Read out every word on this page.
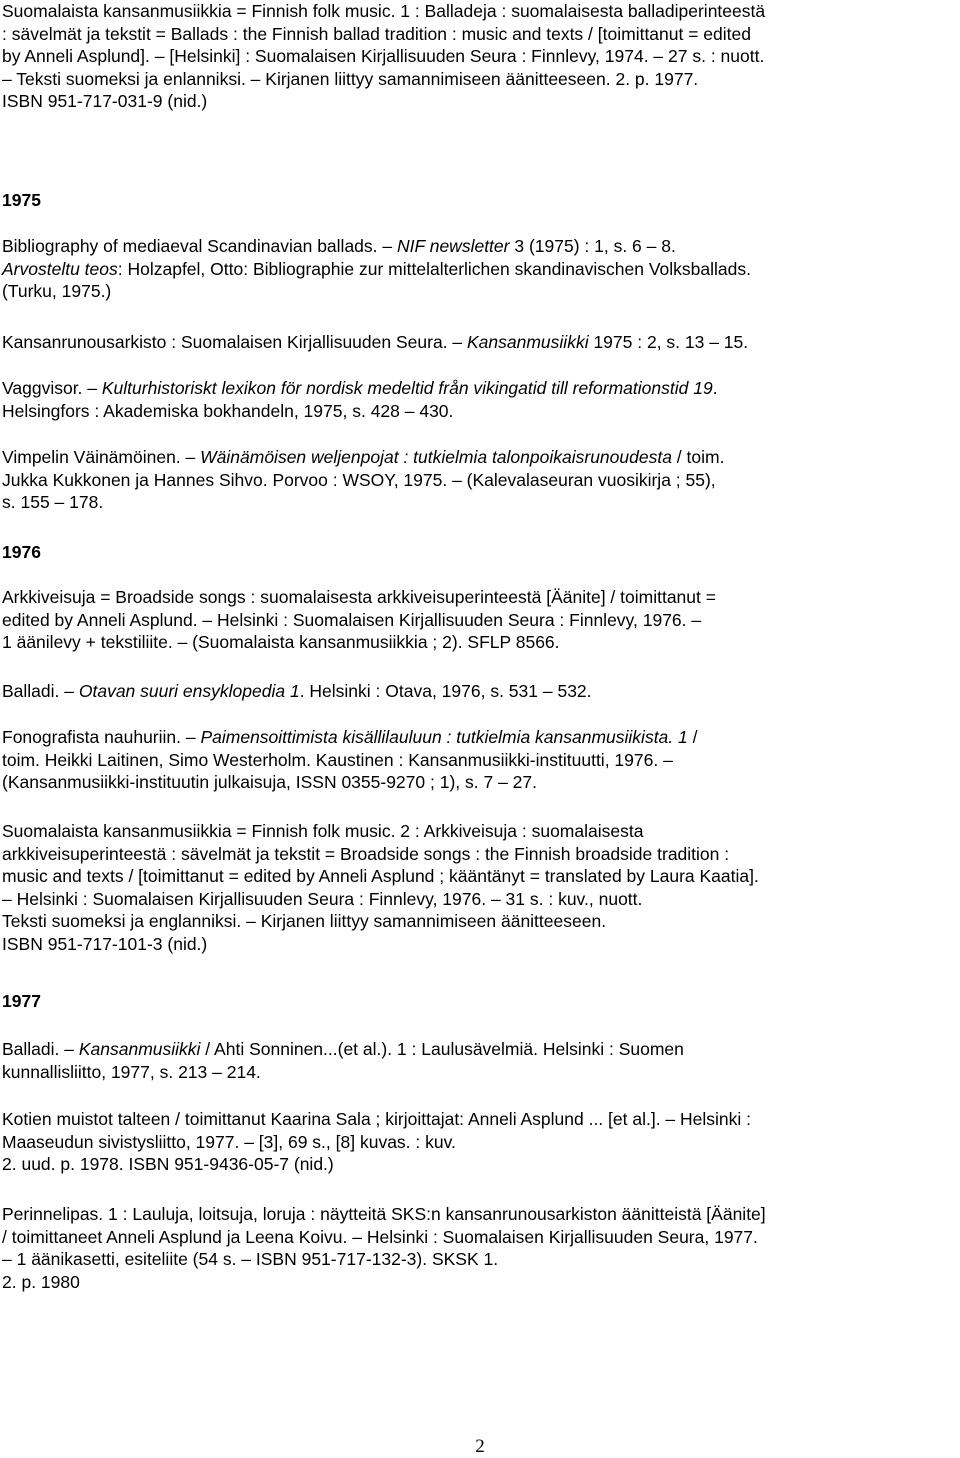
Suomalaista kansanmusiikkia = Finnish folk music. 1 : Balladeja : suomalaisesta balladiperinteestä
: sävelmät ja tekstit = Ballads : the Finnish ballad tradition : music and texts / [toimittanut = edited
by Anneli Asplund]. – [Helsinki] : Suomalaisen Kirjallisuuden Seura : Finnlevy, 1974. – 27 s. : nuott.
– Teksti suomeksi ja enlanniksi. – Kirjanen liittyy samannimiseen äänitteeseen. 2. p. 1977.
ISBN 951-717-031-9 (nid.)
1975
Bibliography of mediaeval Scandinavian ballads. – NIF newsletter 3 (1975) : 1, s. 6 – 8.
Arvosteltu teos: Holzapfel, Otto: Bibliographie zur mittelalterlichen skandinavischen Volksballads.
(Turku, 1975.)
Kansanrunousarkisto : Suomalaisen Kirjallisuuden Seura. – Kansanmusiikki 1975 : 2, s. 13 – 15.
Vaggvisor. – Kulturhistoriskt lexikon för nordisk medeltid från vikingatid till reformationstid 19.
Helsingfors : Akademiska bokhandeln, 1975, s. 428 – 430.
Vimpelin Väinämöinen. – Wäinämöisen weljenpojat : tutkielmia talonpoikaisrunoudesta / toim.
Jukka Kukkonen ja Hannes Sihvo. Porvoo : WSOY, 1975. – (Kalevalaseuran vuosikirja ; 55),
s. 155 – 178.
1976
Arkkiveisuja = Broadside songs : suomalaisesta arkkiveisuperinteestä [Äänite] / toimittanut =
edited by Anneli Asplund. – Helsinki : Suomalaisen Kirjallisuuden Seura : Finnlevy, 1976. –
1 äänilevy + tekstiliite. – (Suomalaista kansanmusiikkia ; 2). SFLP 8566.
Balladi. – Otavan suuri ensyklopedia 1. Helsinki : Otava, 1976, s. 531 – 532.
Fonografista nauhuriin. – Paimensoittimista kisällilauluun : tutkielmia kansanmusiikista. 1 /
toim. Heikki Laitinen, Simo Westerholm. Kaustinen : Kansanmusiikki-instituutti, 1976. –
(Kansanmusiikki-instituutin julkaisuja, ISSN 0355-9270 ; 1), s. 7 – 27.
Suomalaista kansanmusiikkia = Finnish folk music. 2 : Arkkiveisuja : suomalaisesta
arkkiveisuperinteestä : sävelmät ja tekstit = Broadside songs : the Finnish broadside tradition :
music and texts / [toimittanut = edited by Anneli Asplund ; kääntänyt = translated by Laura Kaatia].
– Helsinki : Suomalaisen Kirjallisuuden Seura : Finnlevy, 1976. – 31 s. : kuv., nuott.
Teksti suomeksi ja englanniksi. – Kirjanen liittyy samannimiseen äänitteeseen.
ISBN 951-717-101-3 (nid.)
1977
Balladi. – Kansanmusiikki / Ahti Sonninen...(et al.). 1 : Laulusävelmiä. Helsinki : Suomen
kunnallisliitto, 1977, s. 213 – 214.
Kotien muistot talteen / toimittanut Kaarina Sala ; kirjoittajat: Anneli Asplund ... [et al.]. – Helsinki :
Maaseudun sivistysliitto, 1977. – [3], 69 s., [8] kuvas. : kuv.
2. uud. p. 1978. ISBN 951-9436-05-7 (nid.)
Perinnelipas. 1 : Lauluja, loitsuja, loruja : näytteitä SKS:n kansanrunousarkiston äänitteistä [Äänite]
/ toimittaneet Anneli Asplund ja Leena Koivu. – Helsinki : Suomalaisen Kirjallisuuden Seura, 1977.
– 1 äänikasetti, esiteliite (54 s. – ISBN 951-717-132-3). SKSK 1.
2. p. 1980
2
